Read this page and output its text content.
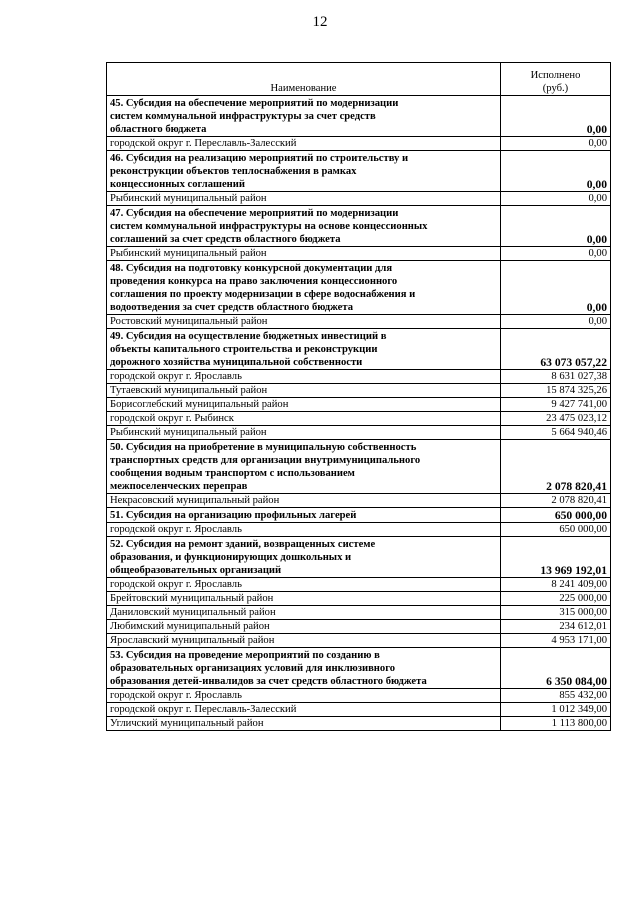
12
Наименование	Исполнено
(руб.)

45. Субсидия на обеспечение мероприятий по модернизации
систем коммунальной инфраструктуры за счет средств
областного бюджета	0,00
городской округ г. Переславль-Залесский	0,00

46. Субсидия на реализацию мероприятий по строительству и
реконструкции объектов теплоснабжения в рамках
концессионных соглашений	0,00
Рыбинский муниципальный район	0,00

47. Субсидия на обеспечение мероприятий по модернизации
систем коммунальной инфраструктуры на основе концессионных
соглашений за счет средств областного бюджета	0,00
Рыбинский муниципальный район	0,00

48. Субсидия на подготовку конкурсной документации для
проведения конкурса на право заключения концессионного
соглашения по проекту модернизации в сфере водоснабжения и
водоотведения за счет средств областного бюджета	0,00
Ростовский муниципальный район	0,00

49. Субсидия на осуществление бюджетных инвестиций в
объекты капитального строительства и реконструкции
дорожного хозяйства муниципальной собственности	63 073 057,22
городской округ г. Ярославль	8 631 027,38
Тутаевский муниципальный район	15 874 325,26
Борисоглебский муниципальный район	9 427 741,00
городской округ г. Рыбинск	23 475 023,12
Рыбинский муниципальный район	5 664 940,46

50. Субсидия на приобретение в муниципальную собственность
транспортных средств для организации внутримуниципального
сообщения водным транспортом с использованием
межпоселенческих переправ	2 078 820,41
Некрасовский муниципальный район	2 078 820,41

51. Субсидия на организацию профильных лагерей	650 000,00
городской округ г. Ярославль	650 000,00

52. Субсидия на ремонт зданий, возвращенных системе
образования, и функционирующих дошкольных и
общеобразовательных организаций	13 969 192,01
городской округ г. Ярославль	8 241 409,00
Брейтовский муниципальный район	225 000,00
Даниловский муниципальный район	315 000,00
Любимский муниципальный район	234 612,01
Ярославский муниципальный район	4 953 171,00

53. Субсидия на проведение мероприятий по созданию в
образовательных организациях условий для инклюзивного
образования детей-инвалидов за счет средств областного бюджета	6 350 084,00
городской округ г. Ярославль	855 432,00
городской округ г. Переславль-Залесский	1 012 349,00
Угличский муниципальный район	1 113 800,00
